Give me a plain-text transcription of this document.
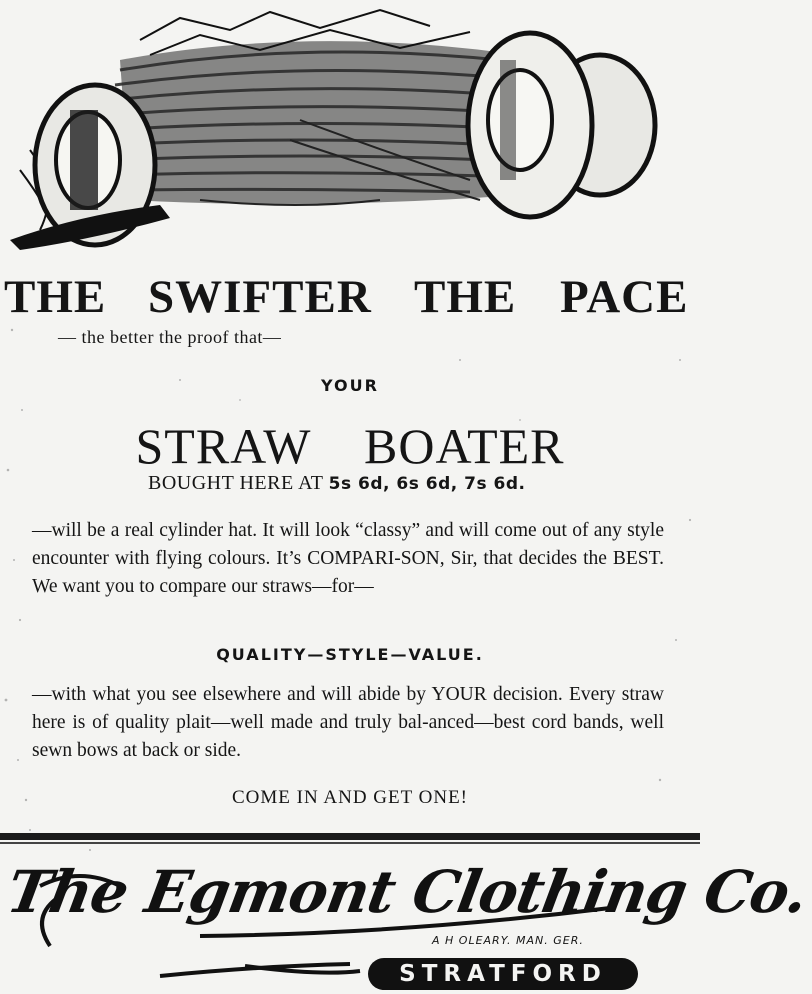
THE SWIFTER THE PACE
— the better the proof that—
YOUR
STRAW BOATER
BOUGHT HERE AT 5s 6d, 6s 6d, 7s 6d.

—will be a real cylinder hat. It will look “classy” and will come out of any style encounter with flying colours. It’s COMPARI-SON, Sir, that decides the BEST. We want you to compare our straws—for—

QUALITY—STYLE—VALUE.

—with what you see elsewhere and will abide by YOUR decision. Every straw here is of quality plait—well made and truly bal-anced—best cord bands, well sewn bows at back or side.

COME IN AND GET ONE!
The Egmont Clothing Co.
A H OLEARY. MAN. GER.
STRATFORD
